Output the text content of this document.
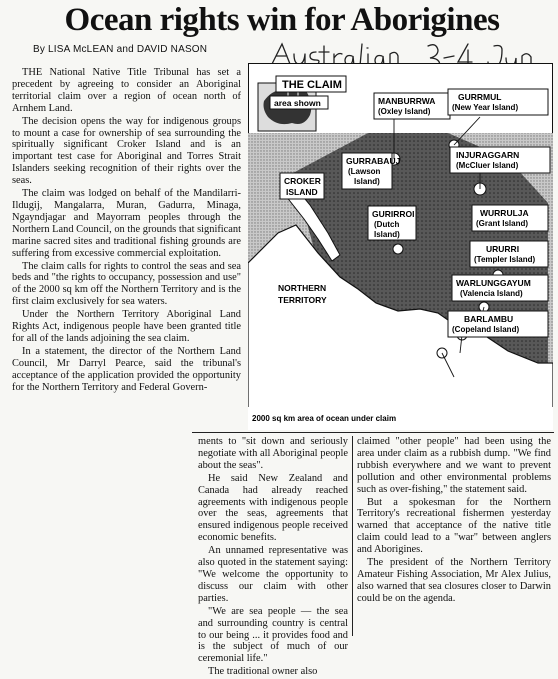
Ocean rights win for Aborigines
By LISA McLEAN and DAVID NASON
THE CLAIM
area shown	MANBURRWA
(Oxley Island)
GURRMUL
(New Year Island)
INJURAGGARN
(McCluer Island)
GURRABAUJ
(Lawson
Island)
CROKER
ISLAND
GURIRROI
(Dutch
Island)
WURRULJA
(Grant Island)
URURRI
(Templer Island)
WARLUNGGAYUM
(Valencia Island)
BARLAMBU
(Copeland Island)
NORTHERN
TERRITORY
2000 sq km area of ocean under claim

THE National Native Title Tribunal has set a precedent by agreeing to consider an Aboriginal territorial claim over a region of ocean north of Arnhem Land.

The decision opens the way for indigenous groups to mount a case for ownership of sea surrounding the spiritually significant Croker Island and is an important test case for Aboriginal and Torres Strait Islanders seeking recognition of their rights over the seas.

The claim was lodged on behalf of the Mandilarri-Ildugij, Mangalarra, Muran, Gadurra, Minaga, Ngayndjagar and Mayorram peoples through the Northern Land Council, on the grounds that significant marine sacred sites and traditional fishing grounds are suffering from excessive commercial exploitation.

The claim calls for rights to control the seas and sea beds and "the rights to occupancy, possession and use" of the 2000 sq km off the Northern Territory and is the first claim exclusively for sea waters.

Under the Northern Territory Aboriginal Land Rights Act, indigenous people have been granted title for all of the lands adjoining the sea claim.

In a statement, the director of the Northern Land Council, Mr Darryl Pearce, said the tribunal's acceptance of the application provided the opportunity for the Northern Territory and Federal Govern-

ments to "sit down and seriously negotiate with all Aboriginal people about the seas".

He said New Zealand and Canada had already reached agreements with indigenous people over the seas, agreements that ensured indigenous people received economic benefits.

An unnamed representative was also quoted in the statement saying: "We welcome the opportunity to discuss our claim with other parties.

"We are sea people — the sea and surrounding country is central to our being ... it provides food and is the subject of much of our ceremonial life."

The traditional owner also

claimed "other people" had been using the area under claim as a rubbish dump. "We find rubbish everywhere and we want to prevent pollution and other environmental problems such as over-fishing," the statement said.

But a spokesman for the Northern Territory's recreational fishermen yesterday warned that acceptance of the native title claim could lead to a "war" between anglers and Aborigines.

The president of the Northern Territory Amateur Fishing Association, Mr Alex Julius, also warned that sea closures closer to Darwin could be on the agenda.
